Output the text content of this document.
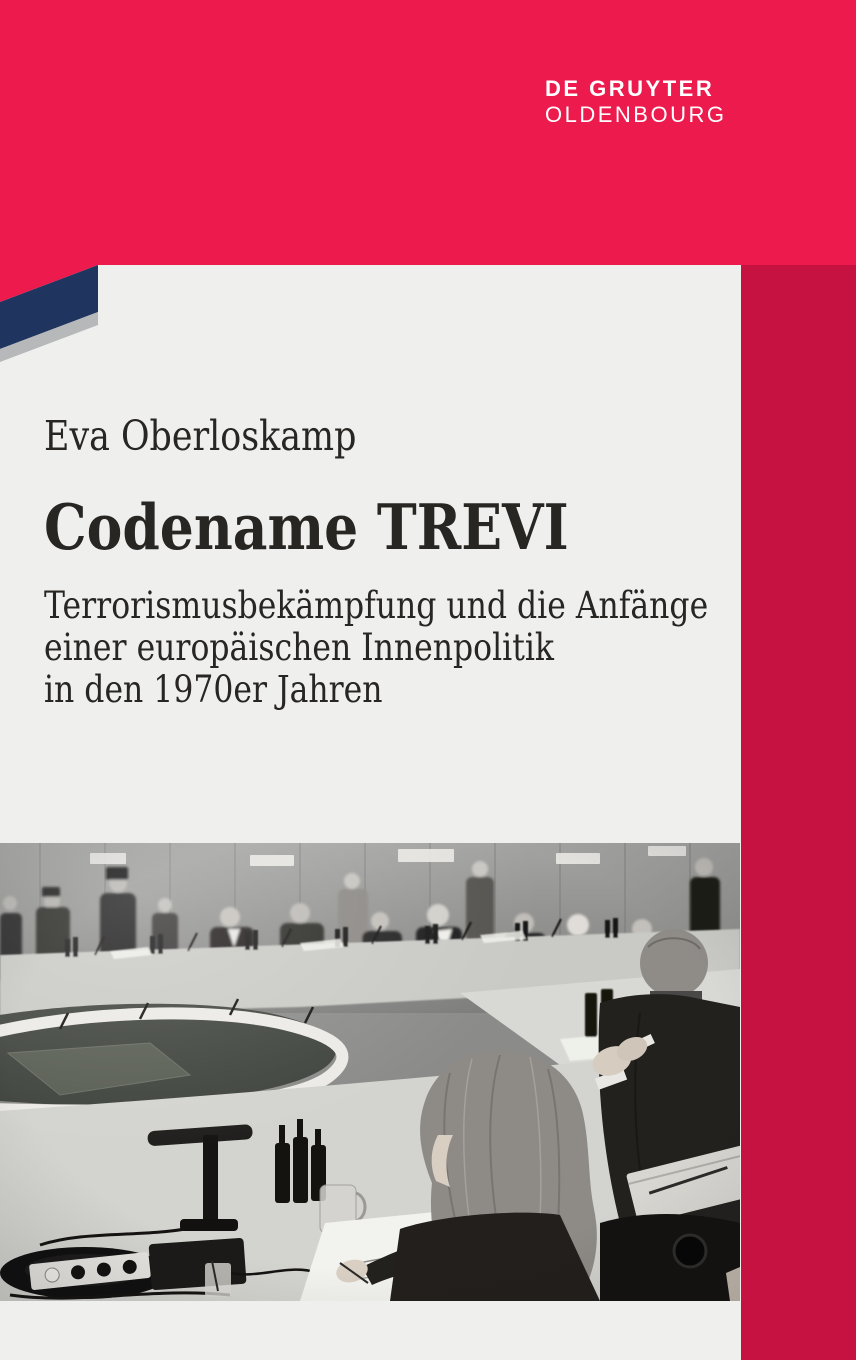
DE GRUYTER
OLDENBOURG
Eva Oberloskamp
Codename TREVI

Terrorismusbekämpfung und die Anfänge
einer europäischen Innenpolitik
in den 1970er Jahren
